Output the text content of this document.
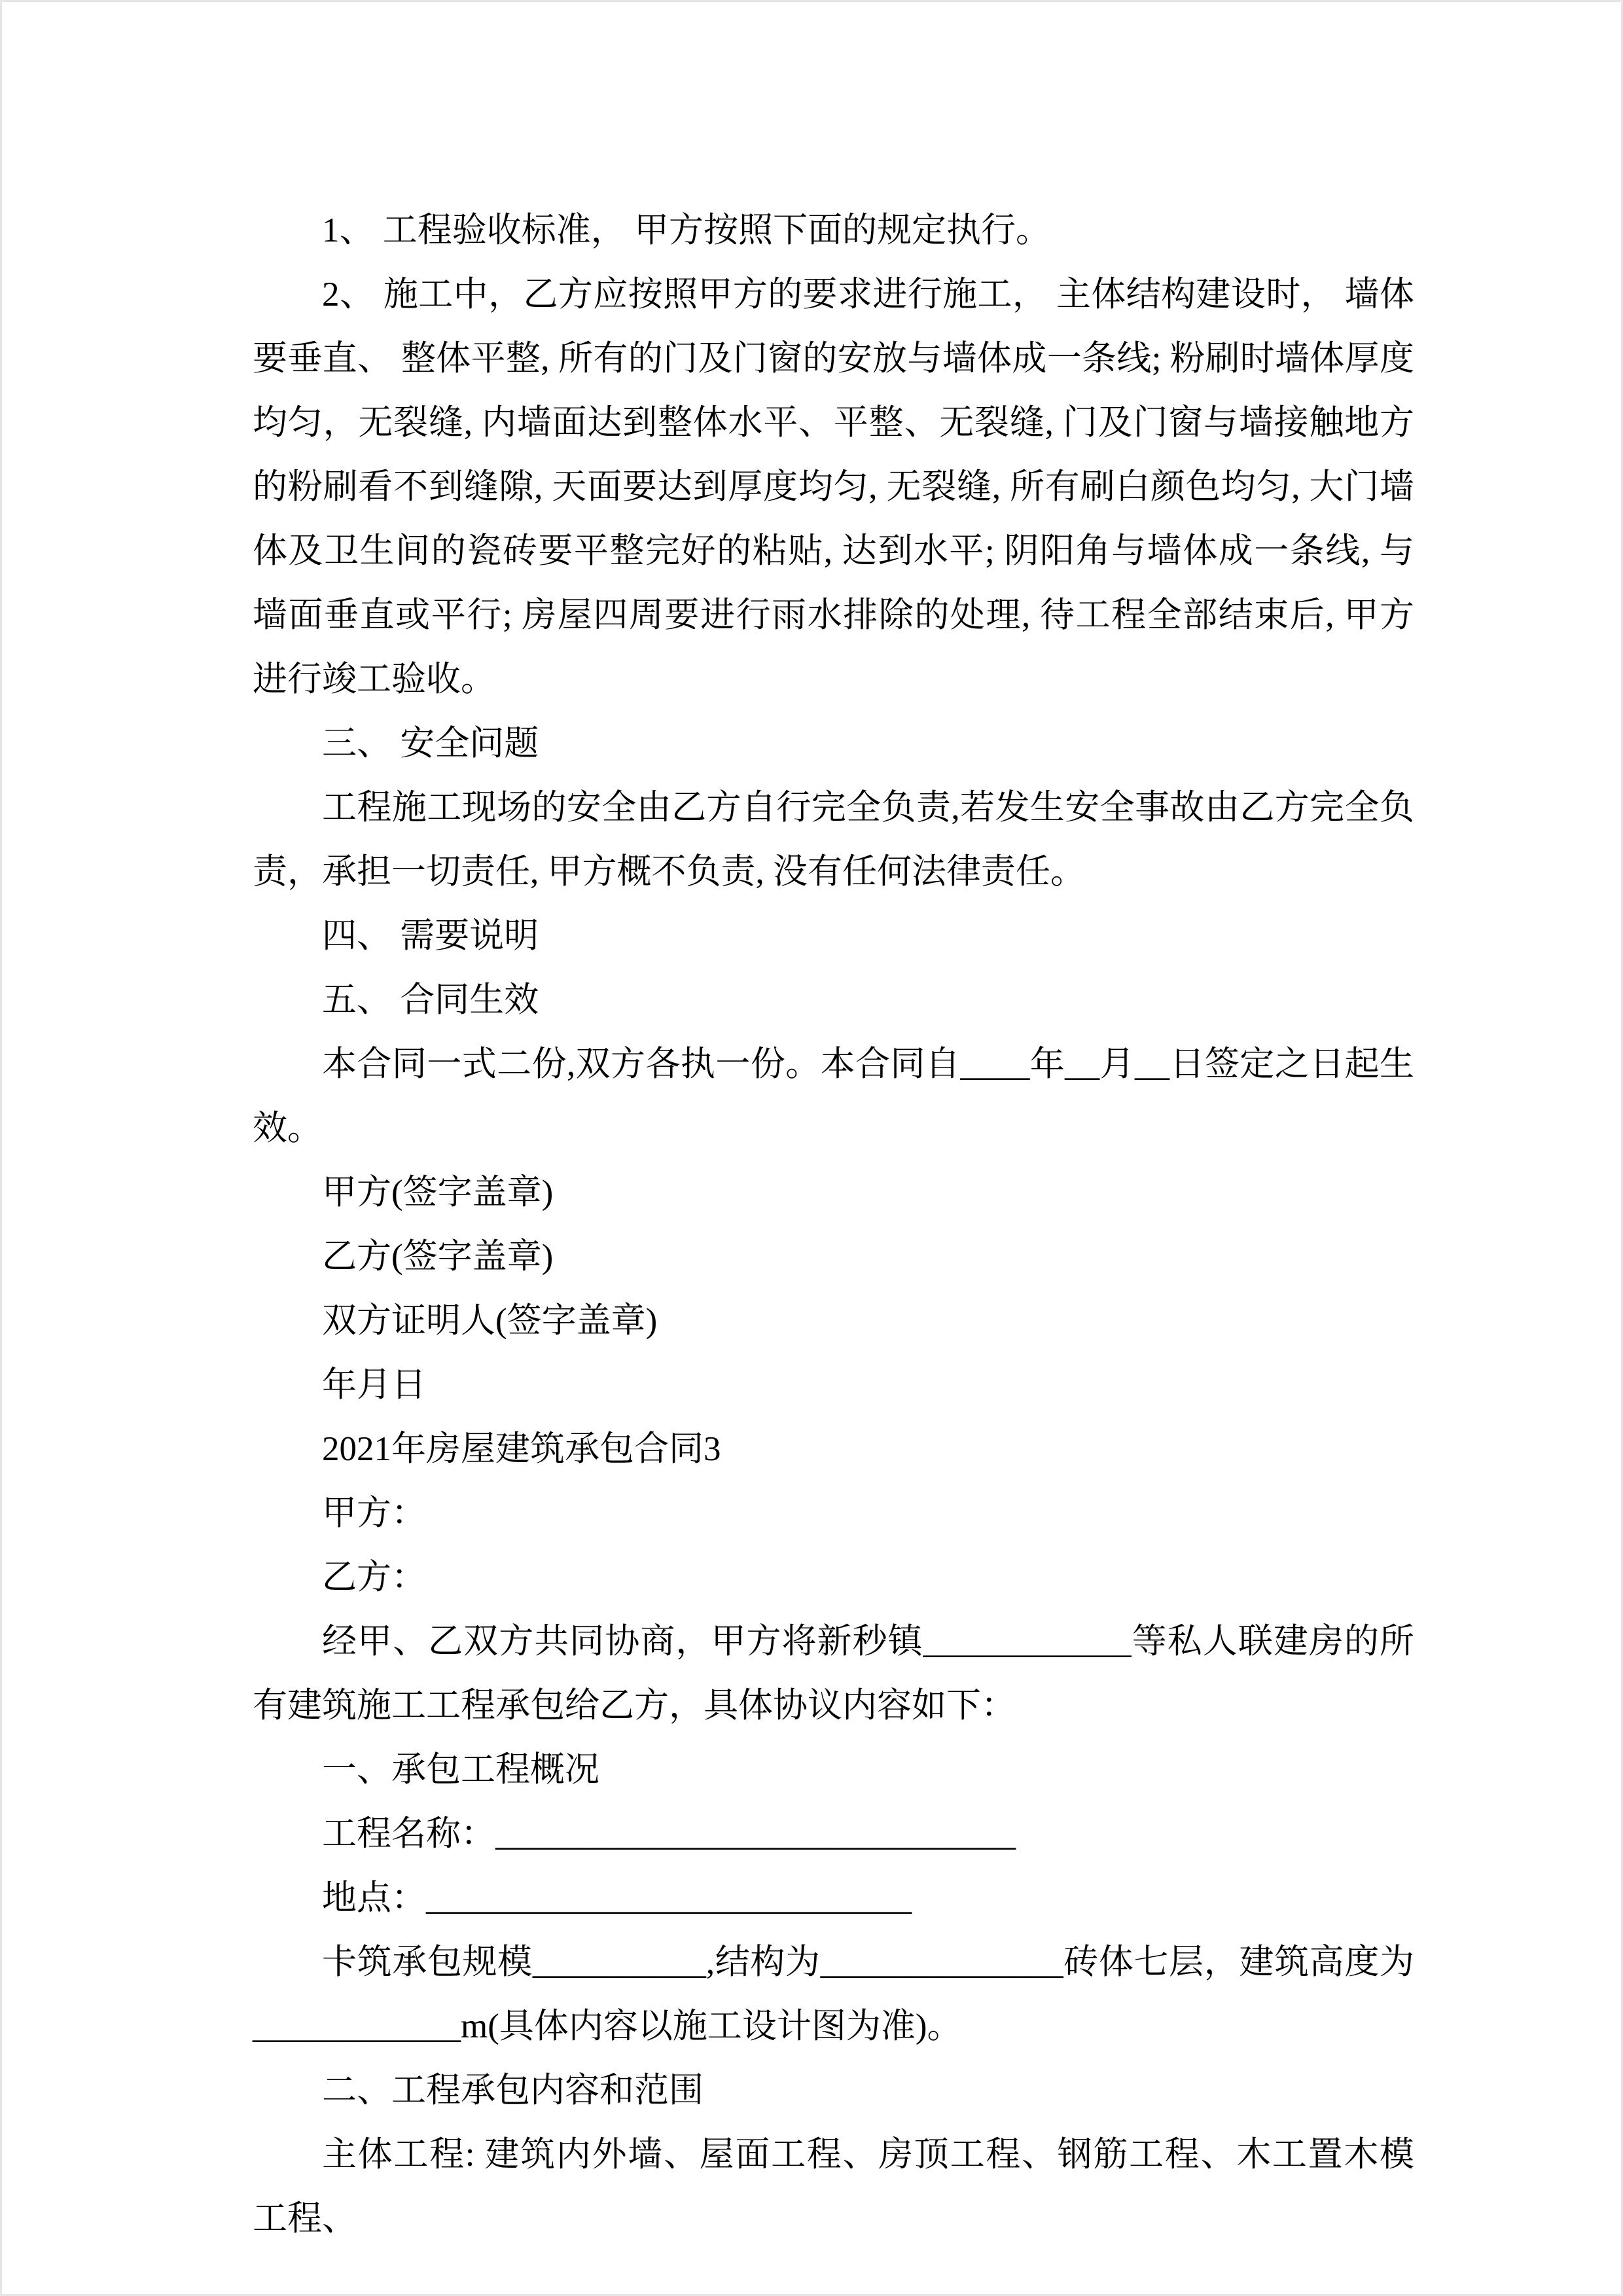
1、 工程验收标准， 甲方按照下面的规定执行。

2、 施工中，乙方应按照甲方的要求进行施工， 主体结构建设时， 墙体要垂直、 整体平整, 所有的门及门窗的安放与墙体成一条线; 粉刷时墙体厚度均匀，无裂缝, 内墙面达到整体水平、平整、无裂缝, 门及门窗与墙接触地方的粉刷看不到缝隙, 天面要达到厚度均匀, 无裂缝, 所有刷白颜色均匀, 大门墙体及卫生间的瓷砖要平整完好的粘贴, 达到水平; 阴阳角与墙体成一条线, 与墙面垂直或平行; 房屋四周要进行雨水排除的处理, 待工程全部结束后, 甲方进行竣工验收。

三、 安全问题

工程施工现场的安全由乙方自行完全负责,若发生安全事故由乙方完全负责，承担一切责任, 甲方概不负责, 没有任何法律责任。

四、 需要说明

五、 合同生效

本合同一式二份,双方各执一份。本合同自____年__月__日签定之日起生效。

甲方(签字盖章)

乙方(签字盖章)

双方证明人(签字盖章)

年月日

2021年房屋建筑承包合同3

甲方：

乙方：

经甲、乙双方共同协商，甲方将新秒镇____________等私人联建房的所有建筑施工工程承包给乙方，具体协议内容如下：

一、承包工程概况

工程名称：______________________________

地点：____________________________

卡筑承包规模__________,结构为______________砖体七层，建筑高度为____________m(具体内容以施工设计图为准)。

二、工程承包内容和范围

主体工程: 建筑内外墙、屋面工程、房顶工程、钢筋工程、木工置木模工程、
